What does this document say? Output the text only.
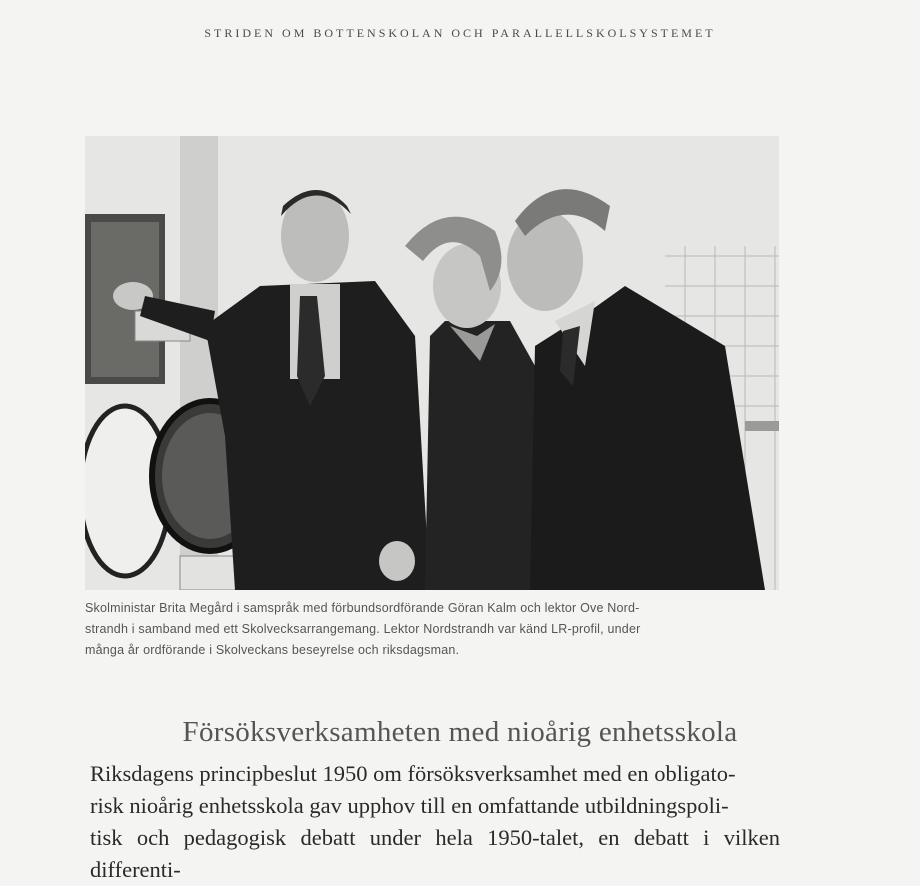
STRIDEN OM BOTTENSKOLAN OCH PARALLELLSKOLSYSTEMET
Skolministar Brita Megård i samspråk med förbundsordförande Göran Kalm och lektor Ove Nord-
strandh i samband med ett Skolvecksarrangemang. Lektor Nordstrandh var känd LR-profil, under
många år ordförande i Skolveckans beseyrelse och riksdagsman.
Försöksverksamheten med nioårig enhetsskola
Riksdagens principbeslut 1950 om försöksverksamhet med en obligato-
risk nioårig enhetsskola gav upphov till en omfattande utbildningspoli-
tisk och pedagogisk debatt under hela 1950-talet, en debatt i vilken differenti-
